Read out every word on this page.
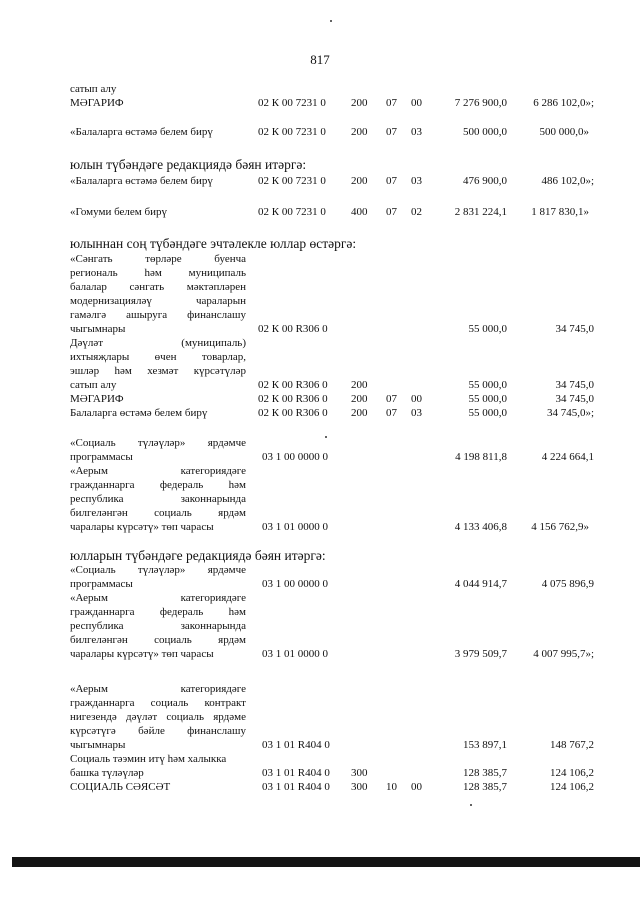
817
сатып алу
МӘГАРИФ	02 К 00 7231 0 200 07 00	7 276 900,0 6 286 102,0»;
«Балаларга өстәмә белем бирү	02 К 00 7231 0 200 07 03	500 000,0	500 000,0»
юлын түбәндәге редакциядә бәян итәргә:
«Балаларга өстәмә белем бирү	02 К 00 7231 0 200 07 03	476 900,0	486 102,0»;
«Гомуми белем бирү	02 К 00 7231 0 400 07 02	2 831 224,1 1 817 830,1»
юлыннан соң түбәндәге эчтәлекле юллар өстәргә:
«Сәнгать төрләре буенча
региональ һәм муниципаль
балалар сәнгать мәктәпләрен
модернизацияләү чараларын
гамәлгә ашыруга финанслашу
чыгымнары	02 К 00 R306 0	55 000,0	34 745,0
Дәүләт (муниципаль)
ихтыяҗлары өчен товарлар,
эшләр һәм хезмәт күрсәтүләр
сатып алу	02 К 00 R306 0 200	55 000,0	34 745,0
МӘГАРИФ	02 К 00 R306 0 200 07 00	55 000,0	34 745,0
Балаларга өстәмә белем бирү	02 К 00 R306 0 200 07 03	55 000,0	34 745,0»;
«Социаль түләүләр» ярдәмче
программасы	03 1 00 0000 0	4 198 811,8	4 224 664,1
«Аерым категориядәге
гражданнарга федераль һәм
республика законнарында
билгеләнгән социаль ярдәм
чаралары күрсәтү» төп чарасы	03 1 01 0000 0	4 133 406,8 4 156 762,9»
юлларын түбәндәге редакциядә бәян итәргә:
«Социаль түләүләр» ярдәмче
программасы	03 1 00 0000 0	4 044 914,7	4 075 896,9
«Аерым категориядәге
гражданнарга федераль һәм
республика законнарында
билгеләнгән социаль ярдәм
чаралары күрсәтү» төп чарасы	03 1 01 0000 0	3 979 509,7 4 007 995,7»;
«Аерым категориядәге
гражданнарга социаль контракт
нигезендә дәүләт социаль ярдәме
күрсәтүгә бәйле финанслашу
чыгымнары	03 1 01 R404 0	153 897,1	148 767,2
Социаль тәэмин итү һәм халыкка
башка түләүләр	03 1 01 R404 0 300	128 385,7	124 106,2
СОЦИАЛЬ СӘЯСӘТ	03 1 01 R404 0 300 10 00	128 385,7	124 106,2
